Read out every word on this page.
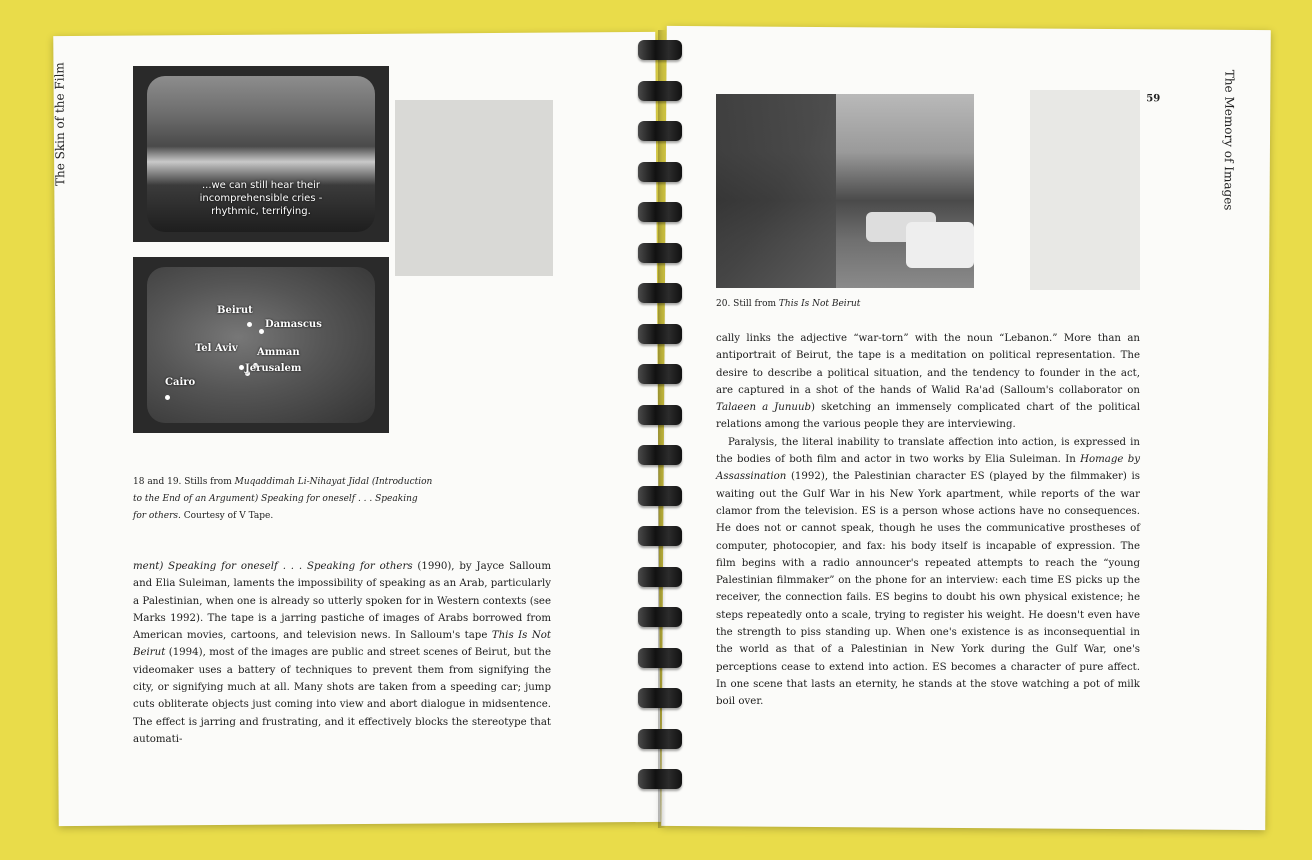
The Skin of the Film	59	The Memory of Images
...we can still hear their
incomprehensible cries -
rhythmic, terrifying.
Beirut
Damascus
Tel Aviv Amman
Jerusalem
Cairo
18 and 19. Stills from Muqaddimah Li-Nihayat Jidal (Introduction to the End of an Argument) Speaking for oneself . . . Speaking for others. Courtesy of V Tape.
20. Still from This Is Not Beirut

ment) Speaking for oneself . . . Speaking for others (1990), by Jayce Salloum and Elia Suleiman, laments the impossibility of speaking as an Arab, particularly a Palestinian, when one is already so utterly spoken for in Western contexts (see Marks 1992). The tape is a jarring pastiche of images of Arabs borrowed from American movies, cartoons, and television news. In Salloum's tape This Is Not Beirut (1994), most of the images are public and street scenes of Beirut, but the videomaker uses a battery of techniques to prevent them from signifying the city, or signifying much at all. Many shots are taken from a speeding car; jump cuts obliterate objects just coming into view and abort dialogue in midsentence. The effect is jarring and frustrating, and it effectively blocks the stereotype that automati-

cally links the adjective “war-torn” with the noun “Lebanon.” More than an antiportrait of Beirut, the tape is a meditation on political representation. The desire to describe a political situation, and the tendency to founder in the act, are captured in a shot of the hands of Walid Ra'ad (Salloum's collaborator on Talaeen a Junuub) sketching an immensely complicated chart of the political relations among the various people they are interviewing.

Paralysis, the literal inability to translate affection into action, is expressed in the bodies of both film and actor in two works by Elia Suleiman. In Homage by Assassination (1992), the Palestinian character ES (played by the filmmaker) is waiting out the Gulf War in his New York apartment, while reports of the war clamor from the television. ES is a person whose actions have no consequences. He does not or cannot speak, though he uses the communicative prostheses of computer, photocopier, and fax: his body itself is incapable of expression. The film begins with a radio announcer's repeated attempts to reach the “young Palestinian filmmaker” on the phone for an interview: each time ES picks up the receiver, the connection fails. ES begins to doubt his own physical existence; he steps repeatedly onto a scale, trying to register his weight. He doesn't even have the strength to piss standing up. When one's existence is as inconsequential in the world as that of a Palestinian in New York during the Gulf War, one's perceptions cease to extend into action. ES becomes a character of pure affect. In one scene that lasts an eternity, he stands at the stove watching a pot of milk boil over.
